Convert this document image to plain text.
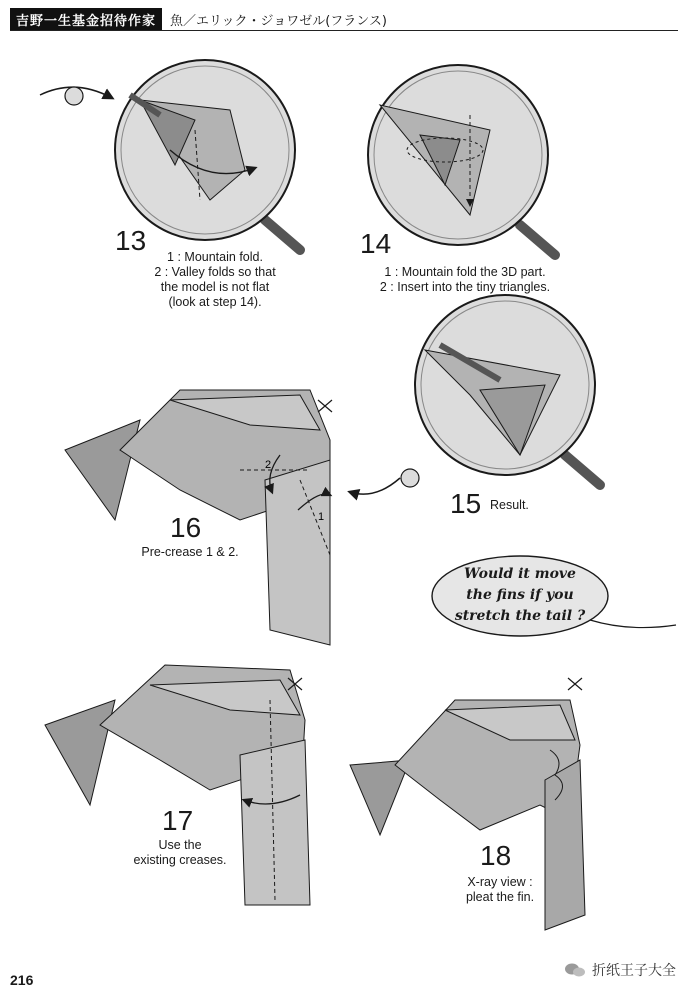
吉野一生基金招待作家	魚／エリック・ジョワゼル(フランス)
2
1
13
1 : Mountain fold.
2 : Valley folds so that
the model is not flat
(look at step 14).
14
1 : Mountain fold the 3D part.
2 : Insert into the tiny triangles.
15 Result.
16
Pre-crease 1 & 2.
Would it move
the fins if you
stretch the tail ?
17
Use the
existing creases.	18
X-ray view :
pleat the fin.
216
折纸王子大全
